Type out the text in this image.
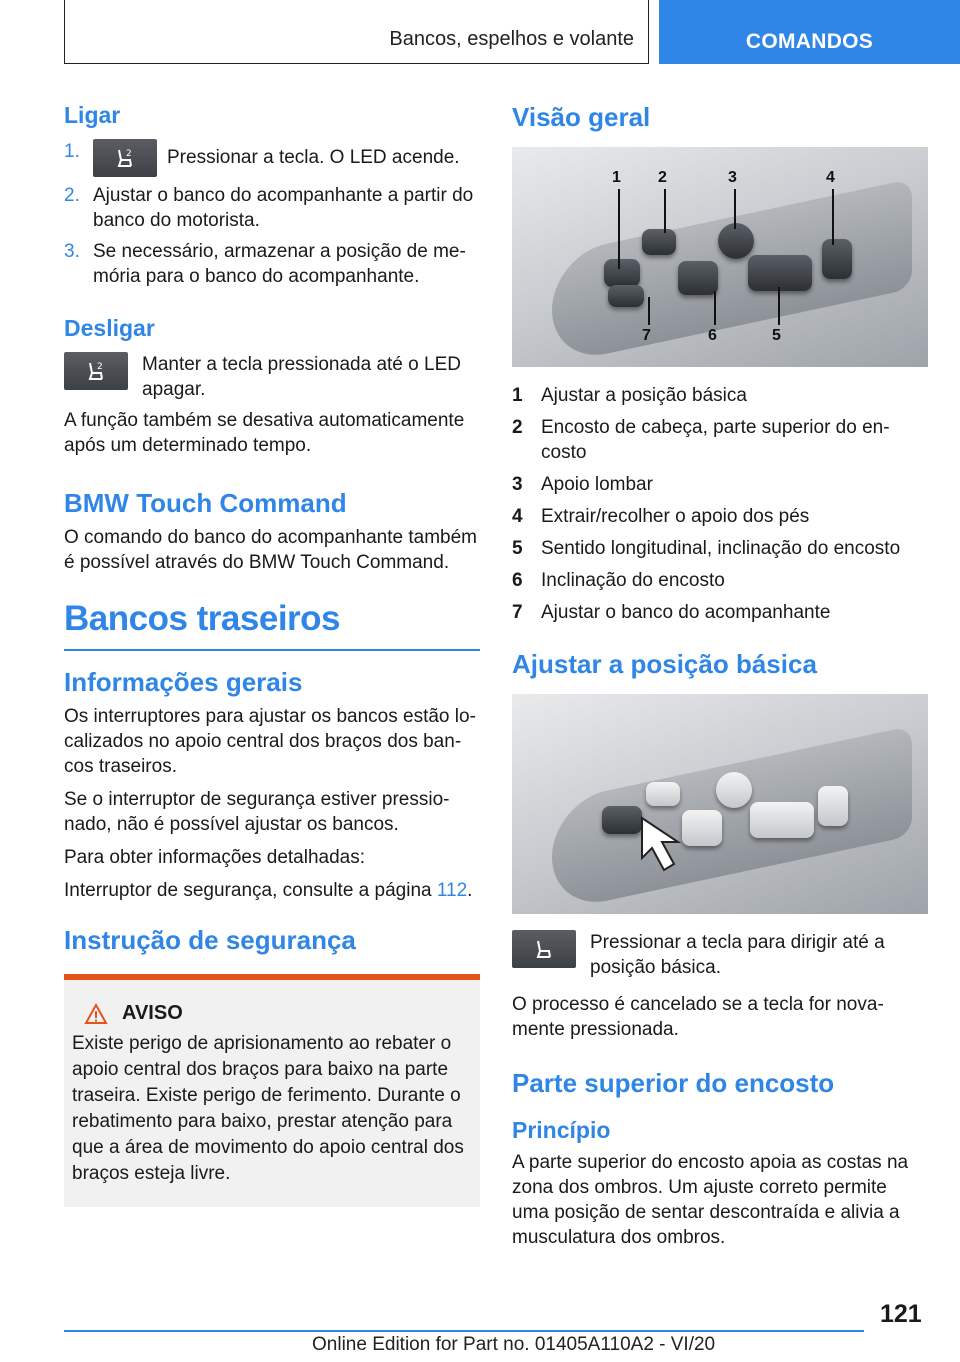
Bancos, espelhos e volante	COMANDOS
Ligar
1.	2 Pressionar a tecla. O LED acende.
2. Ajustar o banco do acompanhante a partir do banco do motorista.
3. Se necessário, armazenar a posição de memória para o banco do acompanhante.
Desligar
2 Manter a tecla pressionada até o LED apagar.

A função também se desativa automaticamente após um determinado tempo.

BMW Touch Command

O comando do banco do acompanhante também é possível através do BMW Touch Command.

Bancos traseiros
Informações gerais

Os interruptores para ajustar os bancos estão localizados no apoio central dos braços dos bancos traseiros.

Se o interruptor de segurança estiver pressionado, não é possível ajustar os bancos.

Para obter informações detalhadas:

Interruptor de segurança, consulte a página 112.

Instrução de segurança
AVISO

Existe perigo de aprisionamento ao rebater o apoio central dos braços para baixo na parte traseira. Existe perigo de ferimento. Durante o rebatimento para baixo, prestar atenção para que a área de movimento do apoio central dos braços esteja livre.

Visão geral
1 2	3	4
7	6	5
1 Ajustar a posição básica
2 Encosto de cabeça, parte superior do encosto
3 Apoio lombar
4 Extrair/recolher o apoio dos pés
5 Sentido longitudinal, inclinação do encosto
6 Inclinação do encosto
7 Ajustar o banco do acompanhante
Ajustar a posição básica
Pressionar a tecla para dirigir até a posição básica.

O processo é cancelado se a tecla for novamente pressionada.

Parte superior do encosto
Princípio

A parte superior do encosto apoia as costas na zona dos ombros. Um ajuste correto permite uma posição de sentar descontraída e alivia a musculatura dos ombros.

121
Online Edition for Part no. 01405A110A2 - VI/20
